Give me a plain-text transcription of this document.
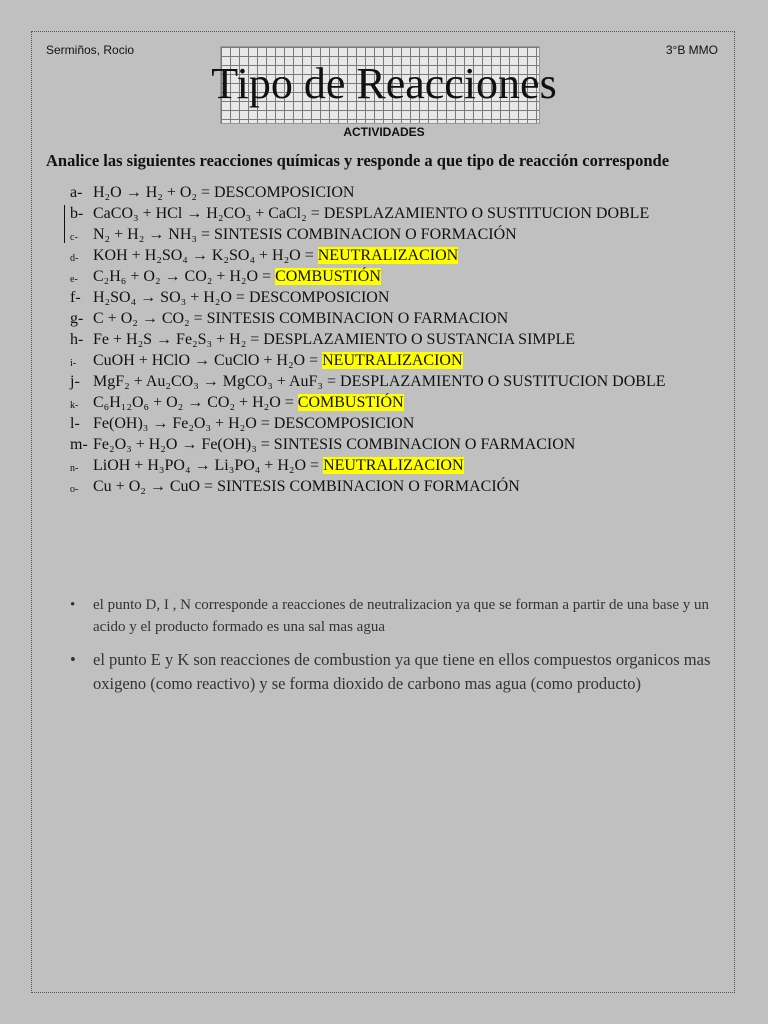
Sermiños, Rocio	3°B MMO
Tipo de Reacciones
ACTIVIDADES
Analice las siguientes reacciones químicas y responde a que tipo de reacción corresponde
a- H₂O → H₂ + O₂ = DESCOMPOSICION
b- CaCO₃ + HCl → H₂CO₃ + CaCl₂ = DESPLAZAMIENTO O SUSTITUCION DOBLE
c- N₂ + H₂ → NH₃ = SINTESIS COMBINACION O FORMACIÓN
d- KOH + H₂SO₄ → K₂SO₄ + H₂O = NEUTRALIZACION
e- C₂H₆ + O₂ → CO₂ + H₂O = COMBUSTIÓN
f- H₂SO₄ → SO₃ + H₂O = DESCOMPOSICION
g- C + O₂ → CO₂ = SINTESIS COMBINACION O FARMACION
h- Fe + H₂S → Fe₂S₃ + H₂ = DESPLAZAMIENTO O SUSTANCIA SIMPLE
i- CuOH + HClO → CuClO + H₂O = NEUTRALIZACION
j- MgF₂ + Au₂CO₃ → MgCO₃ + AuF₃ = DESPLAZAMIENTO O SUSTITUCION DOBLE
k- C₆H₁₂O₆ + O₂ → CO₂ + H₂O = COMBUSTIÓN
l- Fe(OH)₃ → Fe₂O₃ + H₂O = DESCOMPOSICION
m- Fe₂O₃ + H₂O → Fe(OH)₃ = SINTESIS COMBINACION O FARMACION
n- LiOH + H₃PO₄ → Li₃PO₄ + H₂O = NEUTRALIZACION
o- Cu + O₂ → CuO = SINTESIS COMBINACION O FORMACIÓN
• el punto D, I , N corresponde a reacciones de neutralizacion ya que se forman a partir de una base y un acido y el producto formado es una sal mas agua
• el punto E y K son reacciones de combustion ya que tiene en ellos compuestos organicos mas oxigeno (como reactivo) y se forma dioxido de carbono mas agua (como producto)
